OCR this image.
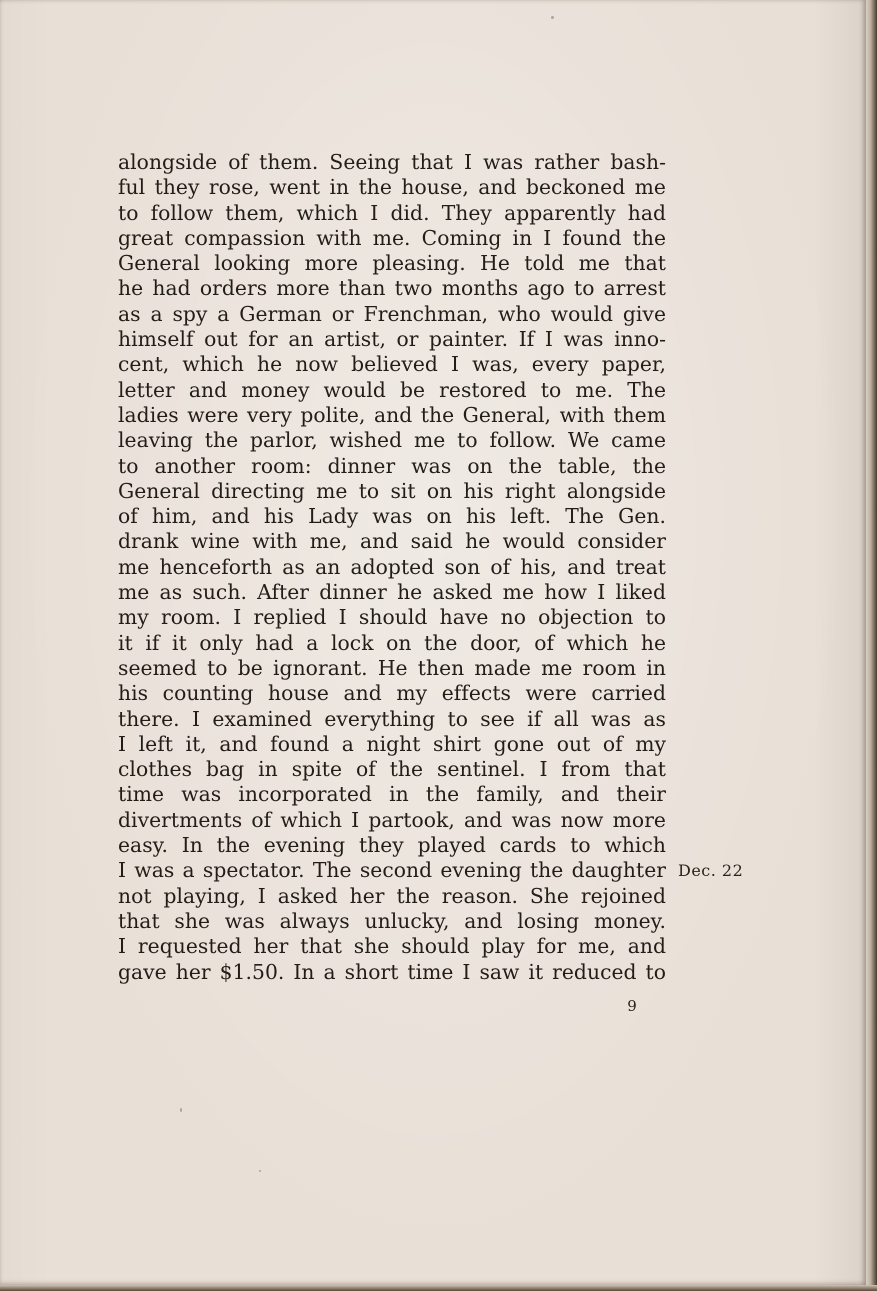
alongside of them. Seeing that I was rather bash-
ful they rose, went in the house, and beckoned me
to follow them, which I did. They apparently had
great compassion with me. Coming in I found the
General looking more pleasing. He told me that
he had orders more than two months ago to arrest
as a spy a German or Frenchman, who would give
himself out for an artist, or painter. If I was inno-
cent, which he now believed I was, every paper,
letter and money would be restored to me. The
ladies were very polite, and the General, with them
leaving the parlor, wished me to follow. We came
to another room: dinner was on the table, the
General directing me to sit on his right alongside
of him, and his Lady was on his left. The Gen.
drank wine with me, and said he would consider
me henceforth as an adopted son of his, and treat
me as such. After dinner he asked me how I liked
my room. I replied I should have no objection to
it if it only had a lock on the door, of which he
seemed to be ignorant. He then made me room in
his counting house and my effects were carried
there. I examined everything to see if all was as
I left it, and found a night shirt gone out of my
clothes bag in spite of the sentinel. I from that
time was incorporated in the family, and their
divertments of which I partook, and was now more
easy. In the evening they played cards to which
I was a spectator. The second evening the daughter
not playing, I asked her the reason. She rejoined
that she was always unlucky, and losing money.
I requested her that she should play for me, and
gave her $1.50. In a short time I saw it reduced to
Dec. 22
9
